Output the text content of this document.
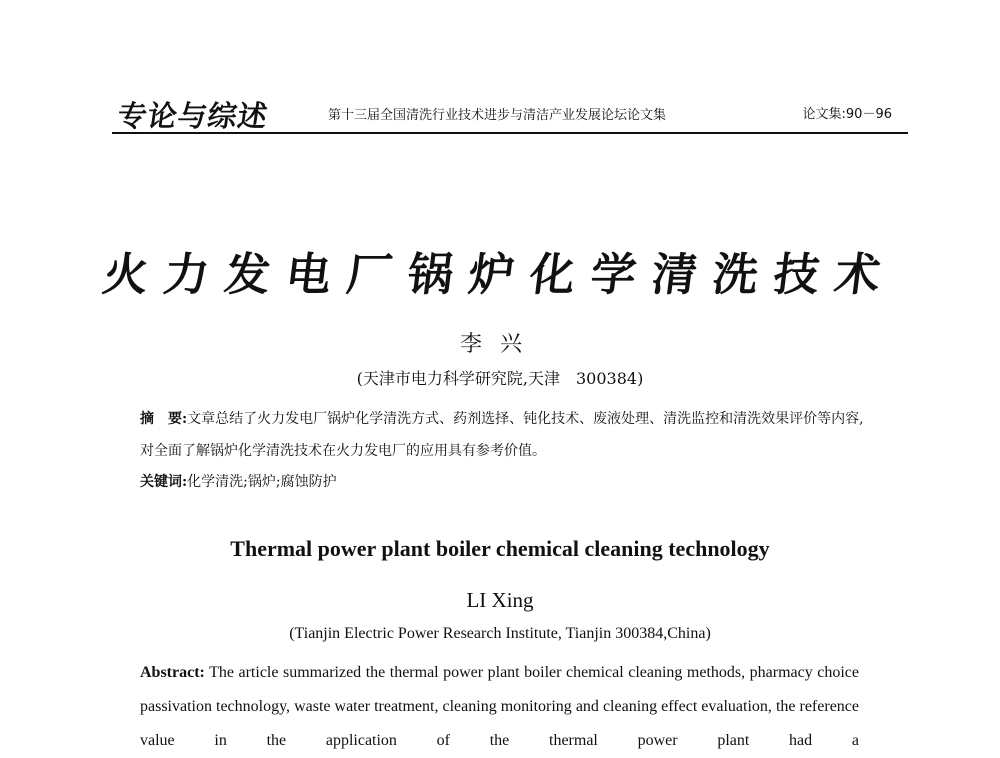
专论与综述	第十三届全国清洗行业技术进步与清洁产业发展论坛论文集	论文集:90－96
火力发电厂锅炉化学清洗技术
李兴
(天津市电力科学研究院,天津　300384)
摘　要:文章总结了火力发电厂锅炉化学清洗方式、药剂选择、钝化技术、废液处理、清洗监控和清洗效果评价等内容,对全面了解锅炉化学清洗技术在火力发电厂的应用具有参考价值。
关键词:化学清洗;锅炉;腐蚀防护
Thermal power plant boiler chemical cleaning technology
LI Xing
(Tianjin Electric Power Research Institute, Tianjin 300384,China)
Abstract: The article summarized the thermal power plant boiler chemical cleaning methods, pharmacy choice passivation technology, waste water treatment, cleaning monitoring and cleaning effect evaluation, the reference value in the application of the thermal power plant had a
